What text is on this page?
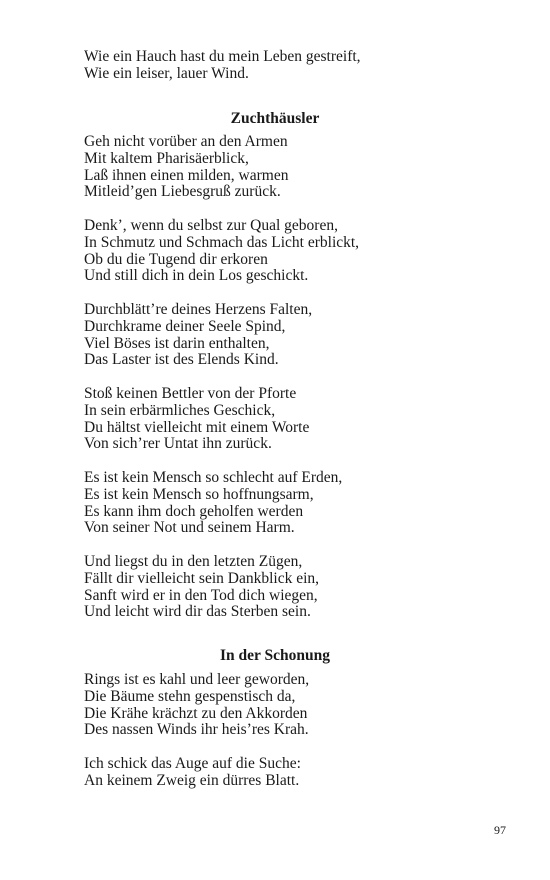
Wie ein Hauch hast du mein Leben gestreift,
Wie ein leiser, lauer Wind.
Zuchthäusler
Geh nicht vorüber an den Armen
Mit kaltem Pharisäerblick,
Laß ihnen einen milden, warmen
Mitleid’gen Liebesgruß zurück.
Denk’, wenn du selbst zur Qual geboren,
In Schmutz und Schmach das Licht erblickt,
Ob du die Tugend dir erkoren
Und still dich in dein Los geschickt.
Durchblätt’re deines Herzens Falten,
Durchkrame deiner Seele Spind,
Viel Böses ist darin enthalten,
Das Laster ist des Elends Kind.
Stoß keinen Bettler von der Pforte
In sein erbärmliches Geschick,
Du hältst vielleicht mit einem Worte
Von sich’rer Untat ihn zurück.
Es ist kein Mensch so schlecht auf Erden,
Es ist kein Mensch so hoffnungsarm,
Es kann ihm doch geholfen werden
Von seiner Not und seinem Harm.
Und liegst du in den letzten Zügen,
Fällt dir vielleicht sein Dankblick ein,
Sanft wird er in den Tod dich wiegen,
Und leicht wird dir das Sterben sein.
In der Schonung
Rings ist es kahl und leer geworden,
Die Bäume stehn gespenstisch da,
Die Krähe krächzt zu den Akkorden
Des nassen Winds ihr heis’res Krah.
Ich schick das Auge auf die Suche:
An keinem Zweig ein dürres Blatt.
97
